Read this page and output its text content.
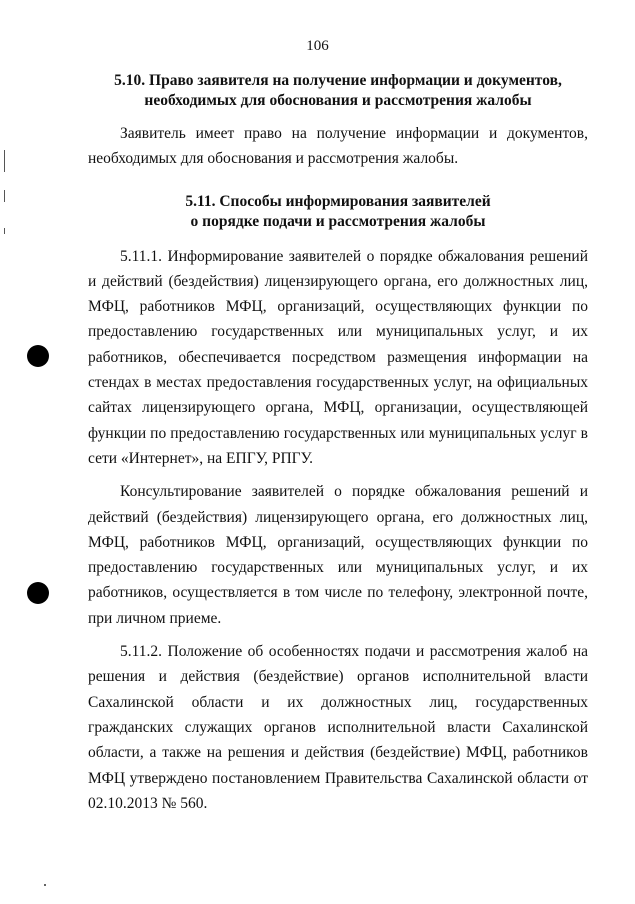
106
5.10. Право заявителя на получение информации и документов,
необходимых для обоснования и рассмотрения жалобы

Заявитель имеет право на получение информации и документов, необходимых для обоснования и рассмотрения жалобы.

5.11. Способы информирования заявителей
о порядке подачи и рассмотрения жалобы

5.11.1. Информирование заявителей о порядке обжалования решений и действий (бездействия) лицензирующего органа, его должностных лиц, МФЦ, работников МФЦ, организаций, осуществляющих функции по предоставлению государственных или муниципальных услуг, и их работников, обеспечивается посредством размещения информации на стендах в местах предоставления государственных услуг, на официальных сайтах лицензирующего органа, МФЦ, организации, осуществляющей функции по предоставлению государственных или муниципальных услуг в сети «Интернет», на ЕПГУ, РПГУ.

Консультирование заявителей о порядке обжалования решений и действий (бездействия) лицензирующего органа, его должностных лиц, МФЦ, работников МФЦ, организаций, осуществляющих функции по предоставлению государственных или муниципальных услуг, и их работников, осуществляется в том числе по телефону, электронной почте, при личном приеме.

5.11.2. Положение об особенностях подачи и рассмотрения жалоб на решения и действия (бездействие) органов исполнительной власти Сахалинской области и их должностных лиц, государственных гражданских служащих органов исполнительной власти Сахалинской области, а также на решения и действия (бездействие) МФЦ, работников МФЦ утверждено постановлением Правительства Сахалинской области от 02.10.2013 № 560.
